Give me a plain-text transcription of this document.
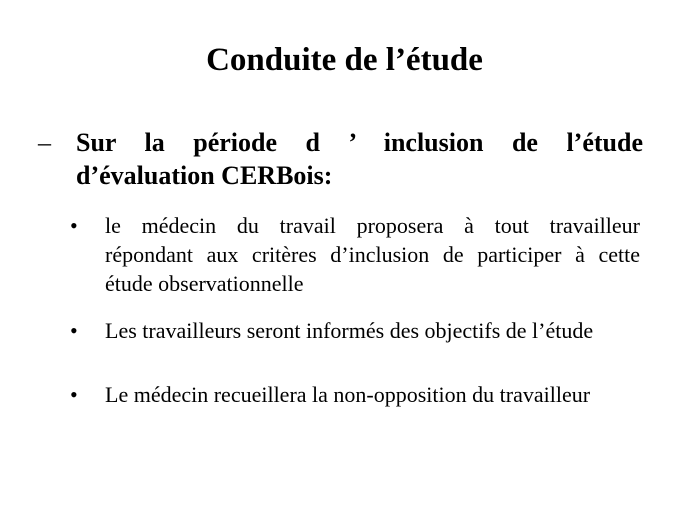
Conduite de l’étude
– Sur la période d ’ inclusion de l’étude
d’évaluation CERBois:
• le médecin du travail proposera à tout travailleur
répondant aux critères d’inclusion de participer à cette
étude observationnelle
• Les travailleurs seront informés des objectifs de l’étude
• Le médecin recueillera la non-opposition du travailleur
